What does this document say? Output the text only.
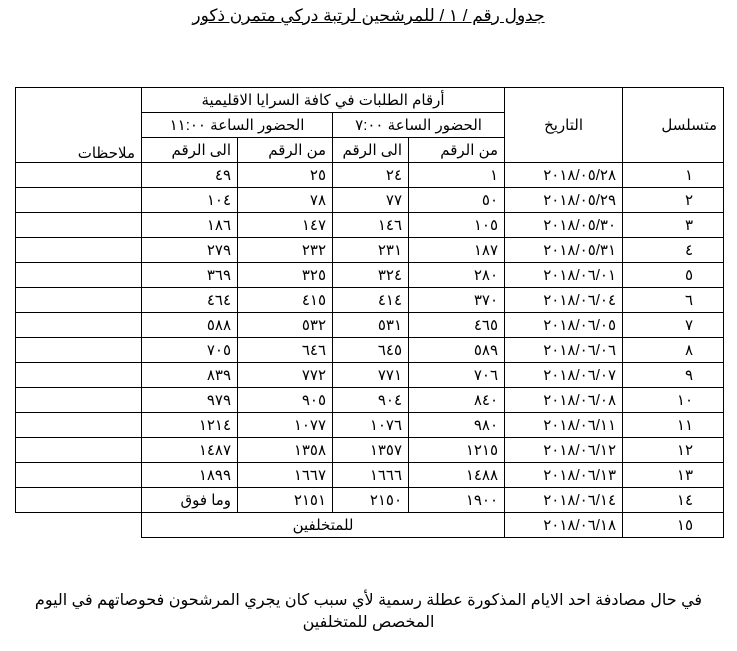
جدول رقم / ١ / للمرشحين لرتبة دركي متمرن ذكور
متسلسل	التاريخ	أرقام الطلبات في كافة السرايا الاقليمية				ملاحظات
		الحضور الساعة ٧:٠٠		الحضور الساعة ١١:٠٠		
		من الرقم	الى الرقم	من الرقم	الى الرقم	
١	٢٠١٨/٠٥/٢٨	١	٢٤	٢٥	٤٩	
٢	٢٠١٨/٠٥/٢٩	٥٠	٧٧	٧٨	١٠٤	
٣	٢٠١٨/٠٥/٣٠	١٠٥	١٤٦	١٤٧	١٨٦	
٤	٢٠١٨/٠٥/٣١	١٨٧	٢٣١	٢٣٢	٢٧٩	
٥	٢٠١٨/٠٦/٠١	٢٨٠	٣٢٤	٣٢٥	٣٦٩	
٦	٢٠١٨/٠٦/٠٤	٣٧٠	٤١٤	٤١٥	٤٦٤	
٧	٢٠١٨/٠٦/٠٥	٤٦٥	٥٣١	٥٣٢	٥٨٨	
٨	٢٠١٨/٠٦/٠٦	٥٨٩	٦٤٥	٦٤٦	٧٠٥	
٩	٢٠١٨/٠٦/٠٧	٧٠٦	٧٧١	٧٧٢	٨٣٩	
١٠	٢٠١٨/٠٦/٠٨	٨٤٠	٩٠٤	٩٠٥	٩٧٩	
١١	٢٠١٨/٠٦/١١	٩٨٠	١٠٧٦	١٠٧٧	١٢١٤	
١٢	٢٠١٨/٠٦/١٢	١٢١٥	١٣٥٧	١٣٥٨	١٤٨٧	
١٣	٢٠١٨/٠٦/١٣	١٤٨٨	١٦٦٦	١٦٦٧	١٨٩٩	
١٤	٢٠١٨/٠٦/١٤	١٩٠٠	٢١٥٠	٢١٥١	وما فوق	
١٥	٢٠١٨/٠٦/١٨	للمتخلفين				
في حال مصادفة احد الايام المذكورة عطلة رسمية لأي سبب كان يجري المرشحون فحوصاتهم في اليوم المخصص للمتخلفين
